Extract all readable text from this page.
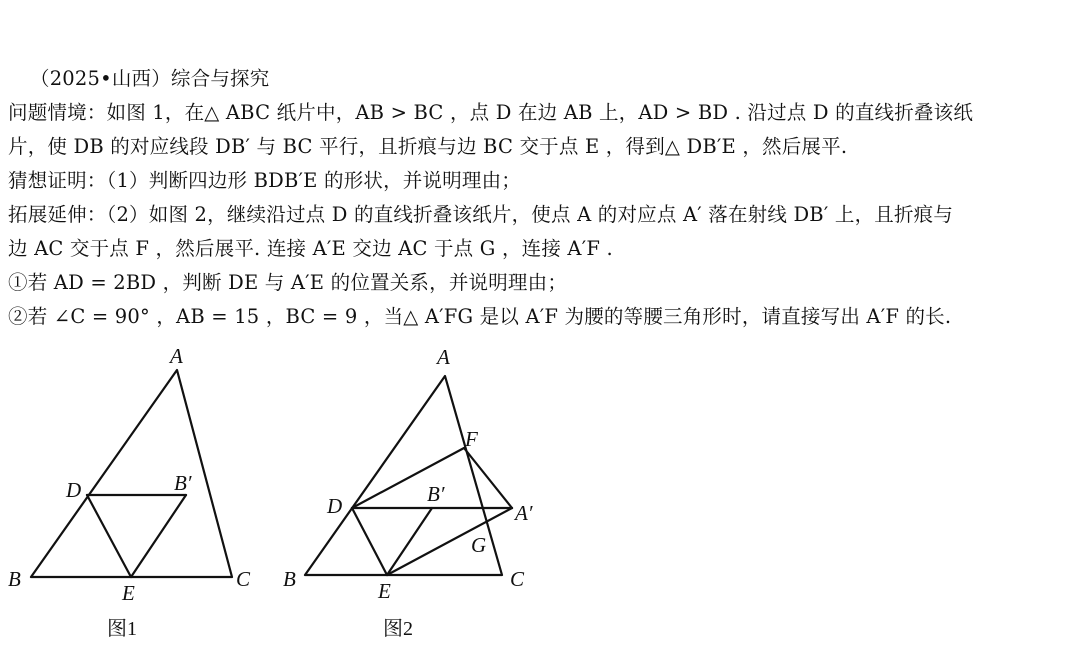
（2025•山西）综合与探究
问题情境：如图 1，在△ ABC 纸片中，AB > BC ，点 D 在边 AB 上，AD > BD . 沿过点 D 的直线折叠该纸
片，使 DB 的对应线段 DB′ 与 BC 平行，且折痕与边 BC 交于点 E ，得到△ DB′E ，然后展平.
猜想证明：（1）判断四边形 BDB′E 的形状，并说明理由；
拓展延伸：（2）如图 2，继续沿过点 D 的直线折叠该纸片，使点 A 的对应点 A′ 落在射线 DB′ 上，且折痕与
边 AC 交于点 F ，然后展平. 连接 A′E 交边 AC 于点 G ，连接 A′F .
①若 AD = 2BD ，判断 DE 与 A′E 的位置关系，并说明理由；
②若 ∠C = 90° ，AB = 15 ，BC = 9 ，当△ A′FG 是以 A′F 为腰的等腰三角形时，请直接写出 A′F 的长.
A
B	C
D
E
B′
图1
A
B	C
D
E
B′
F
G
A′
图2
